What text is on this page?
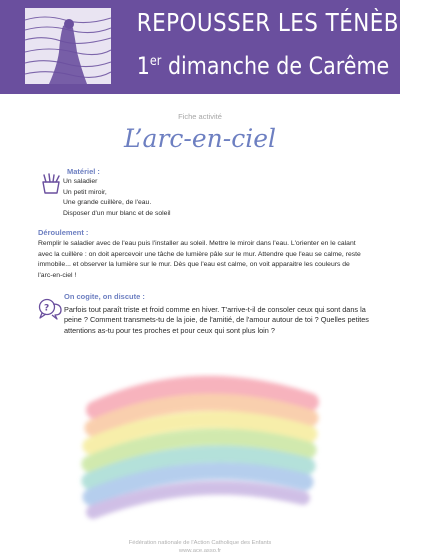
REPOUSSER LES TÉNÈBRES
1er dimanche de Carême
Fiche activité
L’arc-en-ciel
Matériel :
Un saladier
Un petit miroir,
Une grande cuillère, de l'eau.
Disposer d'un mur blanc et de soleil
Déroulement :

Remplir le saladier avec de l'eau puis l'installer au soleil. Mettre le miroir dans l'eau. L'orienter en le calant avec la cuillère : on doit apercevoir une tâche de lumière pâle sur le mur. Attendre que l'eau se calme, reste immobile... et observer la lumière sur le mur. Dès que l'eau est calme, on voit apparaitre les couleurs de l'arc-en-ciel !

?
On cogite, on discute :

Parfois tout paraît triste et froid comme en hiver. T'arrive-t-il de consoler ceux qui sont dans la peine ? Comment transmets-tu de la joie, de l'amitié, de l'amour autour de toi ? Quelles petites attentions as-tu pour tes proches et pour ceux qui sont plus loin ?

Fédération nationale de l'Action Catholique des Enfants
www.ace.asso.fr
